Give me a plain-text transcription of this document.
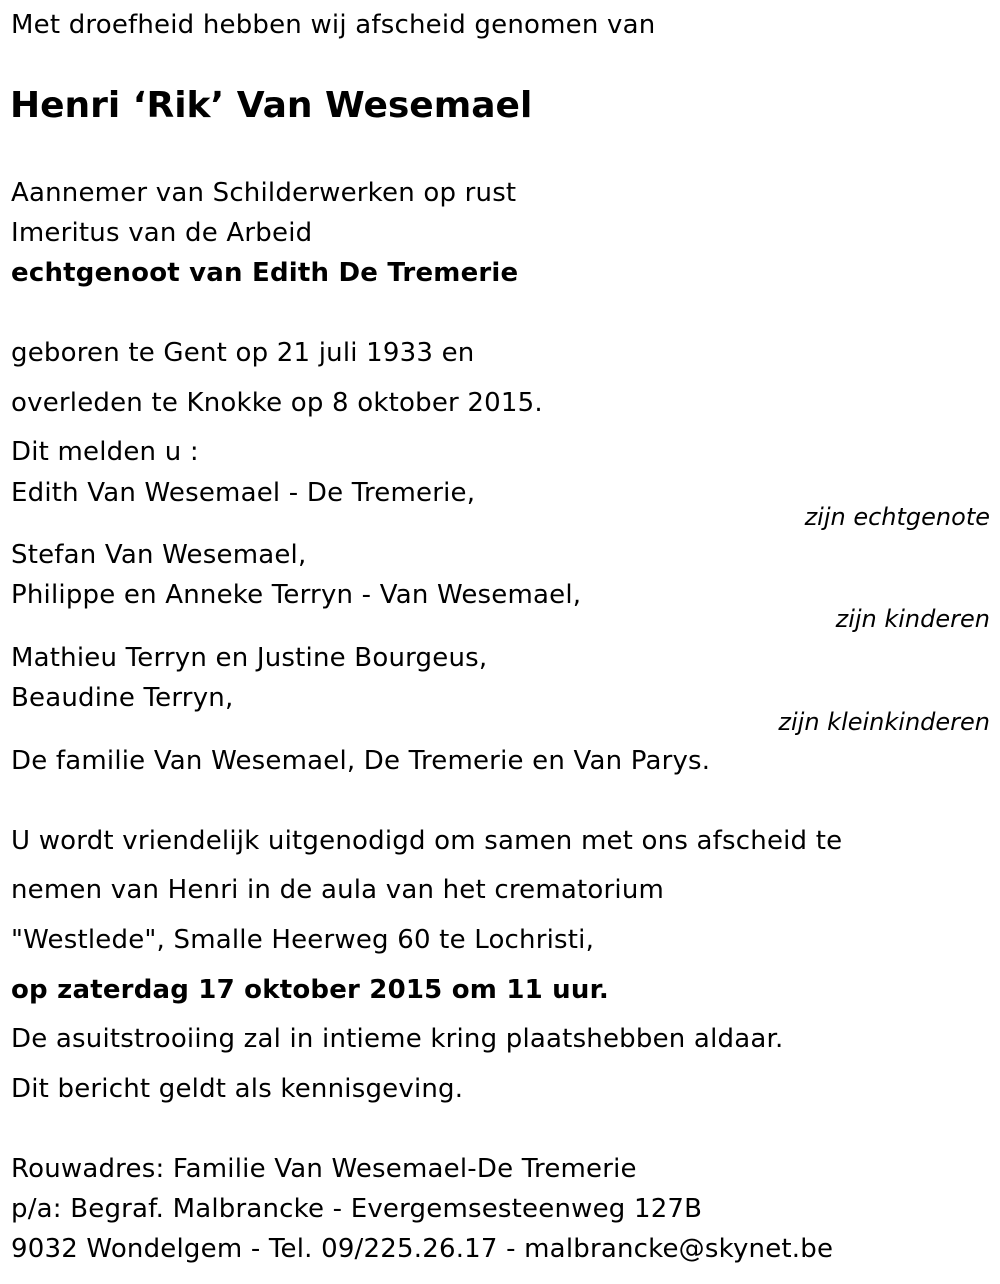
Met droefheid hebben wij afscheid genomen van
Henri ‘Rik’ Van Wesemael
Aannemer van Schilderwerken op rust
Imeritus van de Arbeid
echtgenoot van Edith De Tremerie
geboren te Gent op 21 juli 1933 en
overleden te Knokke op 8 oktober 2015.
Dit melden u :
Edith Van Wesemael - De Tremerie,
zijn echtgenote
Stefan Van Wesemael,
Philippe en Anneke Terryn - Van Wesemael,
zijn kinderen
Mathieu Terryn en Justine Bourgeus,
Beaudine Terryn,
zijn kleinkinderen
De familie Van Wesemael, De Tremerie en Van Parys.
U wordt vriendelijk uitgenodigd om samen met ons afscheid te
nemen van Henri in de aula van het crematorium
"Westlede", Smalle Heerweg 60 te Lochristi,
op zaterdag 17 oktober 2015 om 11 uur.
De asuitstrooiing zal in intieme kring plaatshebben aldaar.
Dit bericht geldt als kennisgeving.
Rouwadres: Familie Van Wesemael-De Tremerie
p/a: Begraf. Malbrancke - Evergemsesteenweg 127B
9032 Wondelgem - Tel. 09/225.26.17 - malbrancke@skynet.be
